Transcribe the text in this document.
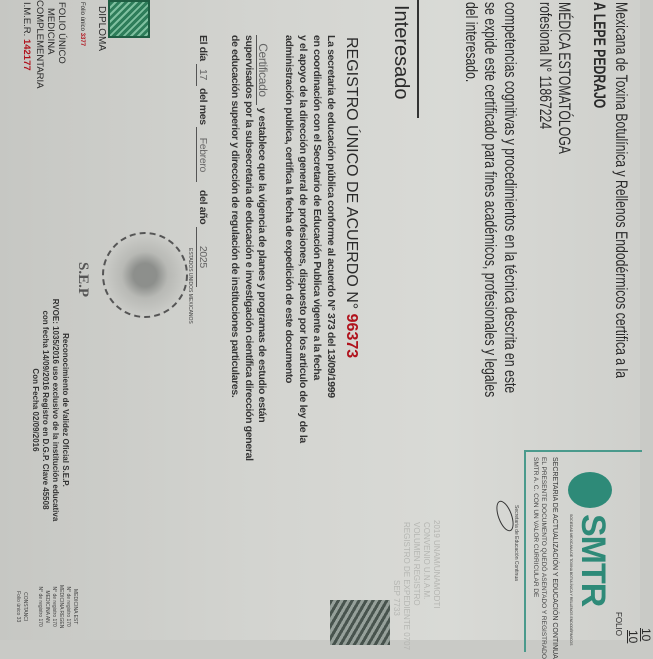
Mexicana de Toxina Botulínica y Rellenos Endodérmicos certifica a la
A LEPE PEDRAJO
MÉDICA ESTOMATÓLOGA
rofesional N° 11867224
competencias cognitivas y procedimientos en la técnica descrita en este
se expide este certificado para fines académicos, profesionales y legales
del interesado.
Interesado
REGISTRO ÚNICO DE ACUERDO N° 96373
La secretaria de educación pública conforme al acuerdo N° 373 del 13/09/1999
en coordinación con el Secretario de Educación Publica vigente a la fecha
y el apoyo de la dirección general de profesiones, dispuesto por los articulo de ley de la
administración publica, certifica la fecha de expedición de este documento
Certificado y establece que la vigencia de planes y programas de estudio están
supervisados por la subsecretaria de educación e investigación científica dirección general
de educación superior y dirección de regulación de instituciones particulares.
El día 17 del mes Febrero   del año 2025
DIPLOMA
Folio único 3377
FOLIO ÚNICO
MEDICINA
COMPLEMENTARIA
I.M.E.R. 142177
ESTADOS UNIDOS MEXICANOS
S.E.P
Reconocimiento de Validez Oficial S.E.P.
RVOE: 1035/2016 uso exclusivo de la institución educativa
con fecha 14/09/2016 Registro en D.G.P. Clave 45508
Con Fecha 02/09/2016
SMTR
SOCIEDAD MEXICANA DE TOXINA BOTULÍNICA Y RELLENOS ENDODÉRMICOS
SECRETARIA DE ACTUALIZACIÓN Y EDUCACIÓN CONTINUA
EL PRESENTE DOCUMENTO QUEDÓ ASENTADO Y REGISTRADO
SMTR A. C. CON UN VALOR CURRICULAR DE
FOLIO
10 10
Secretaria de Educación Continua
2019 UNAM/UNAMODTI
CONVENIO U.N.A.M.
VOLUMEN REGISTRO
REGISTRO DE EXPEDIENTE 0707
SEP 7733
MEDICINA EST
N° de registro 170
MEDICINA REGEN
N° de registro 170
MEDICINA AN
N° de registro 170
CONSTANCI
Folio único 33
